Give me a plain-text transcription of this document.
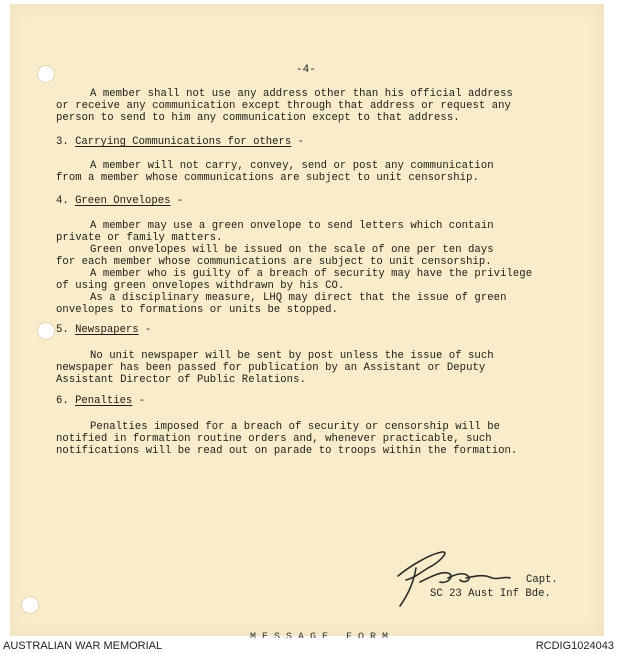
-4-
A member shall not use any address other than his official address
or receive any communication except through that address or request any
person to send to him any communication except to that address.
3. Carrying Communications for others -
A member will not carry, convey, send or post any communication
from a member whose communications are subject to unit censorship.
4. Green Onvelopes -
A member may use a green onvelope to send letters which contain
private or family matters.
Green onvelopes will be issued on the scale of one per ten days
for each member whose communications are subject to unit censorship.
A member who is guilty of a breach of security may have the privilege
of using green onvelopes withdrawn by his CO.
As a disciplinary measure, LHQ may direct that the issue of green
onvelopes to formations or units be stopped.
5. Newspapers -
No unit newspaper will be sent by post unless the issue of such
newspaper has been passed for publication by an Assistant or Deputy
Assistant Director of Public Relations.
6. Penalties -
Penalties imposed for a breach of security or censorship will be
notified in formation routine orders and, whenever practicable, such
notifications will be read out on parade to troops within the formation.
Capt.
SC 23 Aust Inf Bde.
AUSTRALIAN WAR MEMORIAL	RCDIG1024043
